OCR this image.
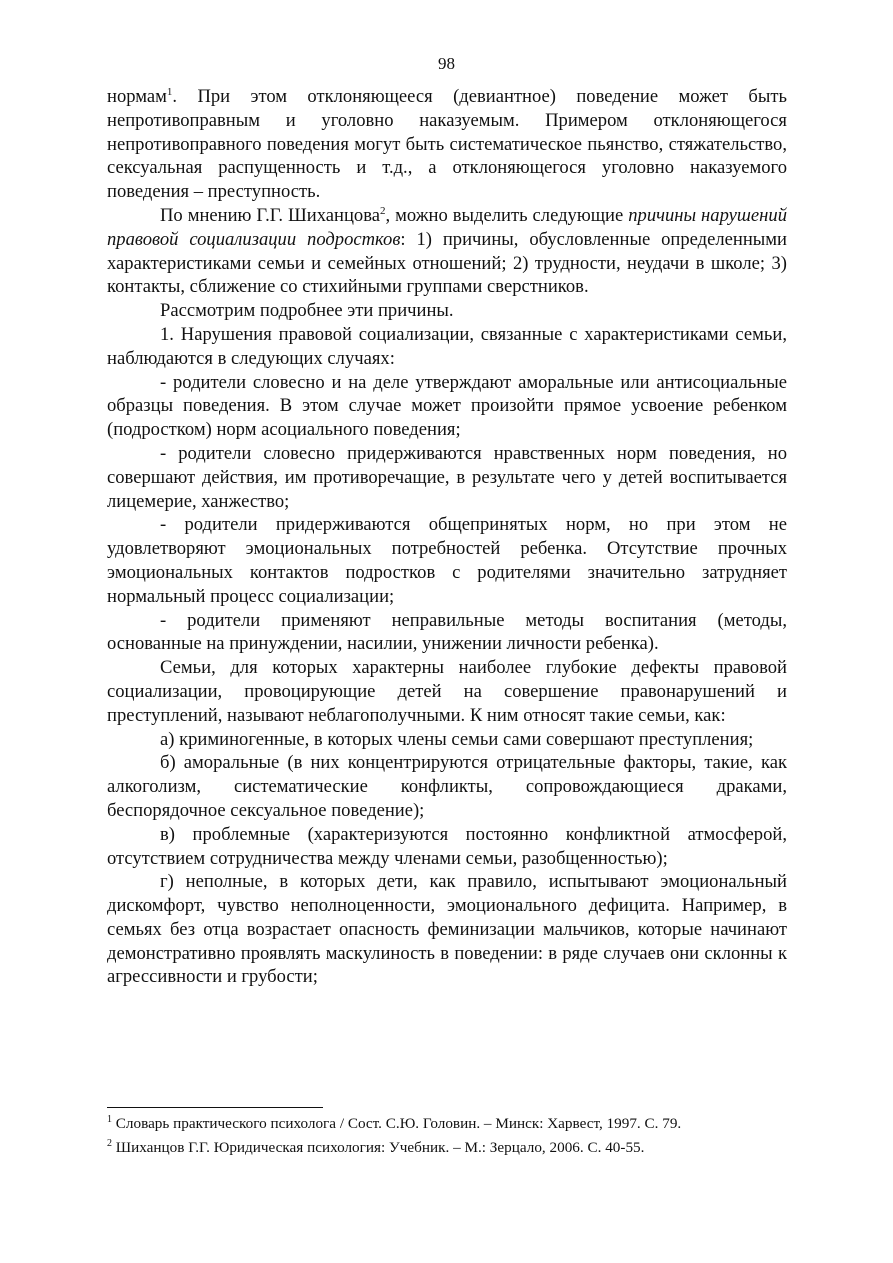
98

нормам$^1$. При этом отклоняющееся (девиантное) поведение может быть непротивоправным и уголовно наказуемым. Примером отклоняющегося непротивоправного поведения могут быть систематическое пьянство, стяжательство, сексуальная распущенность и т.д., а отклоняющегося уголовно наказуемого поведения – преступность.

По мнению Г.Г. Шиханцова$^2$, можно выделить следующие причины нарушений правовой социализации подростков: 1) причины, обусловленные определенными характеристиками семьи и семейных отношений; 2) трудности, неудачи в школе; 3) контакты, сближение со стихийными группами сверстников.

Рассмотрим подробнее эти причины.

1. Нарушения правовой социализации, связанные с характеристиками семьи, наблюдаются в следующих случаях:

- родители словесно и на деле утверждают аморальные или антисоциальные образцы поведения. В этом случае может произойти прямое усвоение ребенком (подростком) норм асоциального поведения;

- родители словесно придерживаются нравственных норм поведения, но совершают действия, им противоречащие, в результате чего у детей воспитывается лицемерие, ханжество;

- родители придерживаются общепринятых норм, но при этом не удовлетворяют эмоциональных потребностей ребенка. Отсутствие прочных эмоциональных контактов подростков с родителями значительно затрудняет нормальный процесс социализации;

- родители применяют неправильные методы воспитания (методы, основанные на принуждении, насилии, унижении личности ребенка).

Семьи, для которых характерны наиболее глубокие дефекты правовой социализации, провоцирующие детей на совершение правонарушений и преступлений, называют неблагополучными. К ним относят такие семьи, как:

а) криминогенные, в которых члены семьи сами совершают преступления;

б) аморальные (в них концентрируются отрицательные факторы, такие, как алкоголизм, систематические конфликты, сопровождающиеся драками, беспорядочное сексуальное поведение);

в) проблемные (характеризуются постоянно конфликтной атмосферой, отсутствием сотрудничества между членами семьи, разобщенностью);

г) неполные, в которых дети, как правило, испытывают эмоциональный дискомфорт, чувство неполноценности, эмоционального дефицита. Например, в семьях без отца возрастает опасность феминизации мальчиков, которые начинают демонстративно проявлять маскулиность в поведении: в ряде случаев они склонны к агрессивности и грубости;

$^1$ Словарь практического психолога / Сост. С.Ю. Головин. – Минск: Харвест, 1997. С. 79.

$^2$ Шиханцов Г.Г. Юридическая психология: Учебник. – М.: Зерцало, 2006. С. 40-55.
